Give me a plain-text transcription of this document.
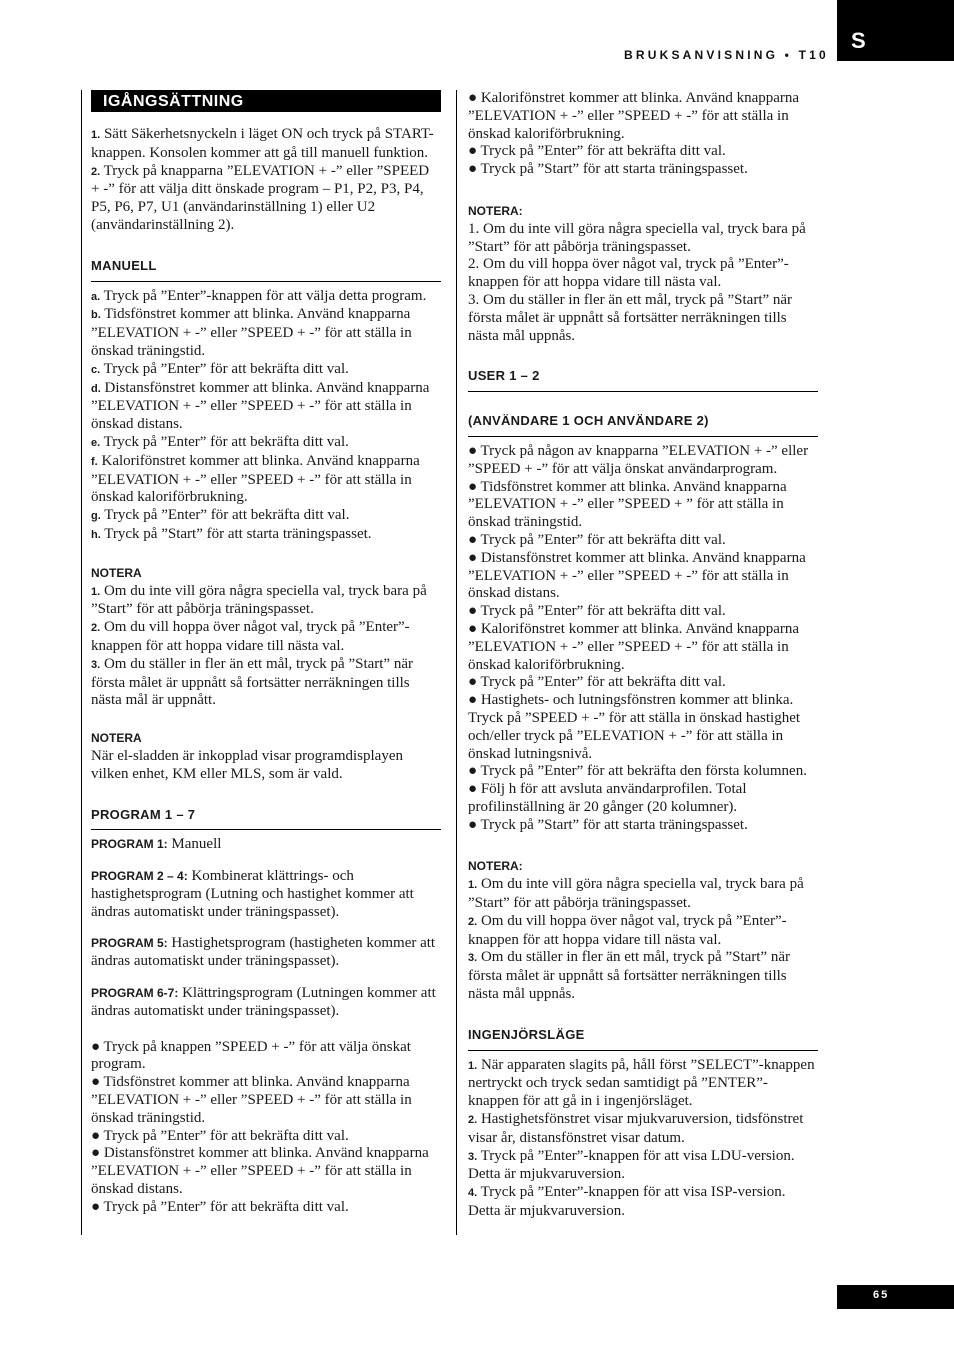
S
BRUKSANVISNING • T10
65
IGÅNGSÄTTNING

1. Sätt Säkerhetsnyckeln i läget ON och tryck på START-knappen. Konsolen kommer att gå till manuell funktion.

2. Tryck på knapparna ”ELEVATION + -” eller ”SPEED + -” för att välja ditt önskade program – P1, P2, P3, P4, P5, P6, P7, U1 (användarinställning 1) eller U2 (användarinställning 2).

MANUELL

a. Tryck på ”Enter”-knappen för att välja detta program.

b. Tidsfönstret kommer att blinka. Använd knapparna ”ELEVATION + -” eller ”SPEED + -” för att ställa in önskad träningstid.

c. Tryck på ”Enter” för att bekräfta ditt val.

d. Distansfönstret kommer att blinka. Använd knapparna ”ELEVATION + -” eller ”SPEED + -” för att ställa in önskad distans.

e. Tryck på ”Enter” för att bekräfta ditt val.

f. Kalorifönstret kommer att blinka. Använd knapparna ”ELEVATION + -” eller ”SPEED + -” för att ställa in önskad kaloriförbrukning.

g. Tryck på ”Enter” för att bekräfta ditt val.

h. Tryck på ”Start” för att starta träningspasset.

NOTERA

1. Om du inte vill göra några speciella val, tryck bara på ”Start” för att påbörja träningspasset.

2. Om du vill hoppa över något val, tryck på ”Enter”-knappen för att hoppa vidare till nästa val.

3. Om du ställer in fler än ett mål, tryck på ”Start” när första målet är uppnått så fortsätter nerräkningen tills nästa mål är uppnått.

NOTERA

När el-sladden är inkopplad visar programdisplayen vilken enhet, KM eller MLS, som är vald.

PROGRAM 1 – 7

PROGRAM 1: Manuell

PROGRAM 2 – 4: Kombinerat klättrings- och hastighetsprogram (Lutning och hastighet kommer att ändras automatiskt under träningspasset).

PROGRAM 5: Hastighetsprogram (hastigheten kommer att ändras automatiskt under träningspasset).

PROGRAM 6-7: Klättringsprogram (Lutningen kommer att ändras automatiskt under träningspasset).

● Tryck på knappen ”SPEED + -” för att välja önskat program.

● Tidsfönstret kommer att blinka. Använd knapparna ”ELEVATION + -” eller ”SPEED + -” för att ställa in önskad träningstid.

● Tryck på ”Enter” för att bekräfta ditt val.

● Distansfönstret kommer att blinka. Använd knapparna ”ELEVATION + -” eller ”SPEED + -” för att ställa in önskad distans.

● Tryck på ”Enter” för att bekräfta ditt val.

● Kalorifönstret kommer att blinka. Använd knapparna ”ELEVATION + -” eller ”SPEED + -” för att ställa in önskad kaloriförbrukning.

● Tryck på ”Enter” för att bekräfta ditt val.

● Tryck på ”Start” för att starta träningspasset.

NOTERA:

1. Om du inte vill göra några speciella val, tryck bara på ”Start” för att påbörja träningspasset.

2. Om du vill hoppa över något val, tryck på ”Enter”-knappen för att hoppa vidare till nästa val.

3. Om du ställer in fler än ett mål, tryck på ”Start” när första målet är uppnått så fortsätter nerräkningen tills nästa mål uppnås.

USER 1 – 2
(ANVÄNDARE 1 OCH ANVÄNDARE 2)

● Tryck på någon av knapparna ”ELEVATION + -” eller ”SPEED + -” för att välja önskat användarprogram.

● Tidsfönstret kommer att blinka. Använd knapparna ”ELEVATION + -” eller ”SPEED + ” för att ställa in önskad träningstid.

● Tryck på ”Enter” för att bekräfta ditt val.

● Distansfönstret kommer att blinka. Använd knapparna ”ELEVATION + -” eller ”SPEED + -” för att ställa in önskad distans.

● Tryck på ”Enter” för att bekräfta ditt val.

● Kalorifönstret kommer att blinka. Använd knapparna ”ELEVATION + -” eller ”SPEED + -” för att ställa in önskad kaloriförbrukning.

● Tryck på ”Enter” för att bekräfta ditt val.

● Hastighets- och lutningsfönstren kommer att blinka. Tryck på ”SPEED + -” för att ställa in önskad hastighet och/eller tryck på ”ELEVATION + -” för att ställa in önskad lutningsnivå.

● Tryck på ”Enter” för att bekräfta den första kolumnen.

● Följ h för att avsluta användarprofilen. Total profilinställning är 20 gånger (20 kolumner).

● Tryck på ”Start” för att starta träningspasset.

NOTERA:

1. Om du inte vill göra några speciella val, tryck bara på ”Start” för att påbörja träningspasset.

2. Om du vill hoppa över något val, tryck på ”Enter”-knappen för att hoppa vidare till nästa val.

3. Om du ställer in fler än ett mål, tryck på ”Start” när första målet är uppnått så fortsätter nerräkningen tills nästa mål uppnås.

INGENJÖRSLÄGE

1. När apparaten slagits på, håll först ”SELECT”-knappen nertryckt och tryck sedan samtidigt på ”ENTER”-knappen för att gå in i ingenjörsläget.

2. Hastighetsfönstret visar mjukvaruversion, tidsfönstret visar år, distansfönstret visar datum.

3. Tryck på ”Enter”-knappen för att visa LDU-version. Detta är mjukvaruversion.

4. Tryck på ”Enter”-knappen för att visa ISP-version. Detta är mjukvaruversion.
